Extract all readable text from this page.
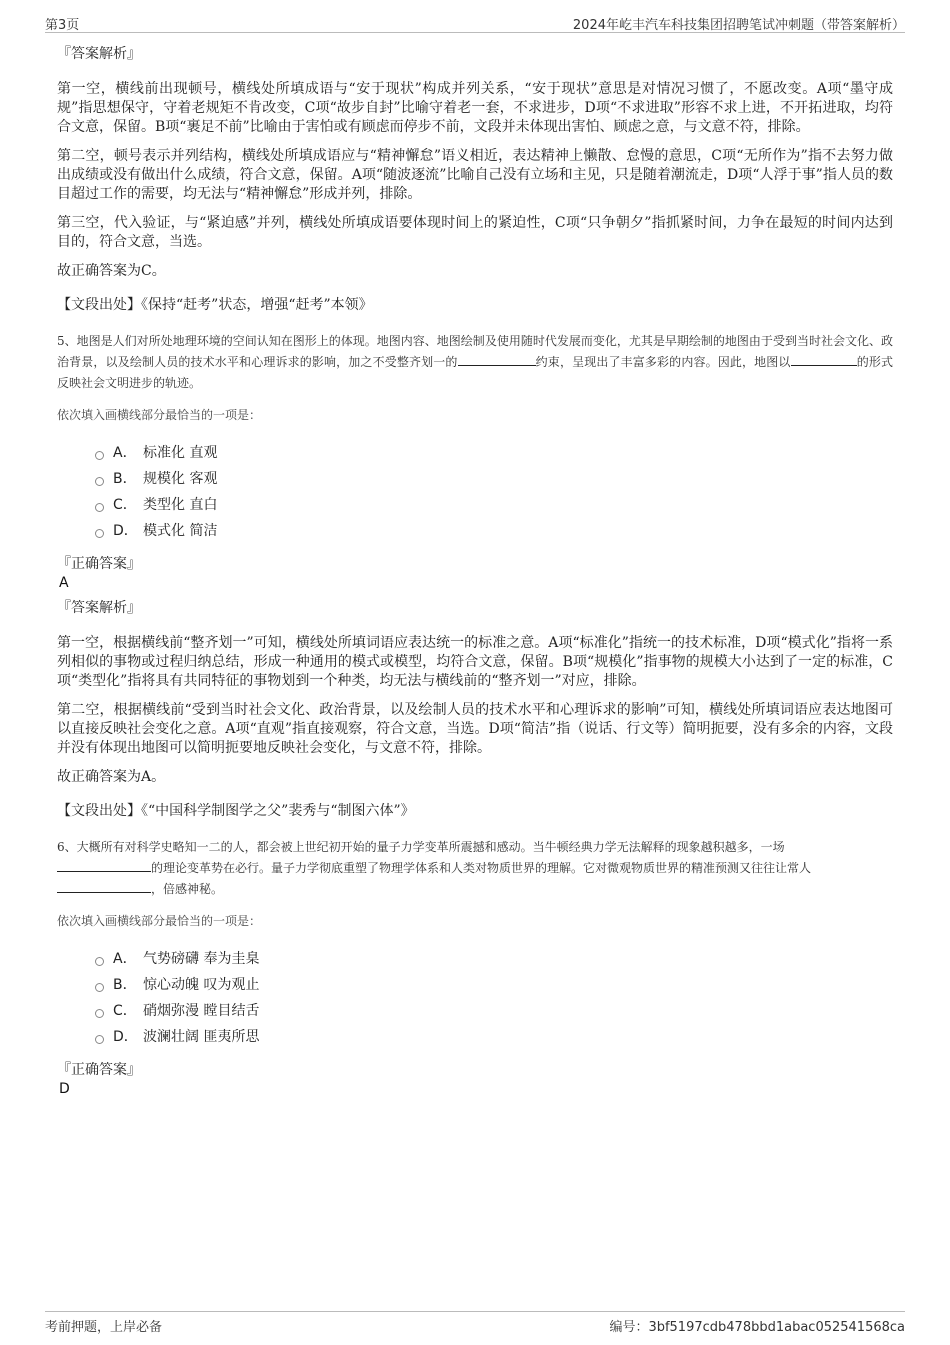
第3页	2024年屹丰汽车科技集团招聘笔试冲刺题（带答案解析）
『答案解析』

第一空，横线前出现顿号，横线处所填成语与“安于现状”构成并列关系，“安于现状”意思是对情况习惯了，不愿改变。A项“墨守成规”指思想保守，守着老规矩不肯改变，C项“故步自封”比喻守着老一套，不求进步，D项“不求进取”形容不求上进，不开拓进取，均符合文意，保留。B项“裹足不前”比喻由于害怕或有顾虑而停步不前，文段并未体现出害怕、顾虑之意，与文意不符，排除。

第二空，顿号表示并列结构，横线处所填成语应与“精神懈怠”语义相近，表达精神上懒散、怠慢的意思，C项“无所作为”指不去努力做出成绩或没有做出什么成绩，符合文意，保留。A项“随波逐流”比喻自己没有立场和主见，只是随着潮流走，D项“人浮于事”指人员的数目超过工作的需要，均无法与“精神懈怠”形成并列，排除。

第三空，代入验证，与“紧迫感”并列，横线处所填成语要体现时间上的紧迫性，C项“只争朝夕”指抓紧时间，力争在最短的时间内达到目的，符合文意，当选。

故正确答案为C。

【文段出处】《保持“赶考”状态，增强“赶考”本领》

5、地图是人们对所处地理环境的空间认知在图形上的体现。地图内容、地图绘制及使用随时代发展而变化，尤其是早期绘制的地图由于受到当时社会文化、政治背景，以及绘制人员的技术水平和心理诉求的影响，加之不受整齐划一的	约束，呈现出了丰富多彩的内容。因此，地图以	的形式反映社会文明进步的轨迹。

依次填入画横线部分最恰当的一项是：

A． 标准化 直观
B． 规模化 客观
C． 类型化 直白
D． 模式化 简洁
『正确答案』
A
『答案解析』

第一空，根据横线前“整齐划一”可知，横线处所填词语应表达统一的标准之意。A项“标准化”指统一的技术标准，D项“模式化”指将一系列相似的事物或过程归纳总结，形成一种通用的模式或模型，均符合文意，保留。B项“规模化”指事物的规模大小达到了一定的标准，C项“类型化”指将具有共同特征的事物划到一个种类，均无法与横线前的“整齐划一”对应，排除。

第二空，根据横线前“受到当时社会文化、政治背景，以及绘制人员的技术水平和心理诉求的影响”可知，横线处所填词语应表达地图可以直接反映社会变化之意。A项“直观”指直接观察，符合文意，当选。D项“简洁”指（说话、行文等）简明扼要，没有多余的内容，文段并没有体现出地图可以简明扼要地反映社会变化，与文意不符，排除。

故正确答案为A。

【文段出处】《“中国科学制图学之父”裴秀与“制图六体”》

6、大概所有对科学史略知一二的人，都会被上世纪初开始的量子力学变革所震撼和感动。当牛顿经典力学无法解释的现象越积越多，一场
的理论变革势在必行。量子力学彻底重塑了物理学体系和人类对物质世界的理解。它对微观物质世界的精准预测又往往让常人
，倍感神秘。

依次填入画横线部分最恰当的一项是：

A． 气势磅礴 奉为圭臬
B． 惊心动魄 叹为观止
C． 硝烟弥漫 瞠目结舌
D． 波澜壮阔 匪夷所思
『正确答案』
D
考前押题，上岸必备	编号：3bf5197cdb478bbd1abac052541568ca
